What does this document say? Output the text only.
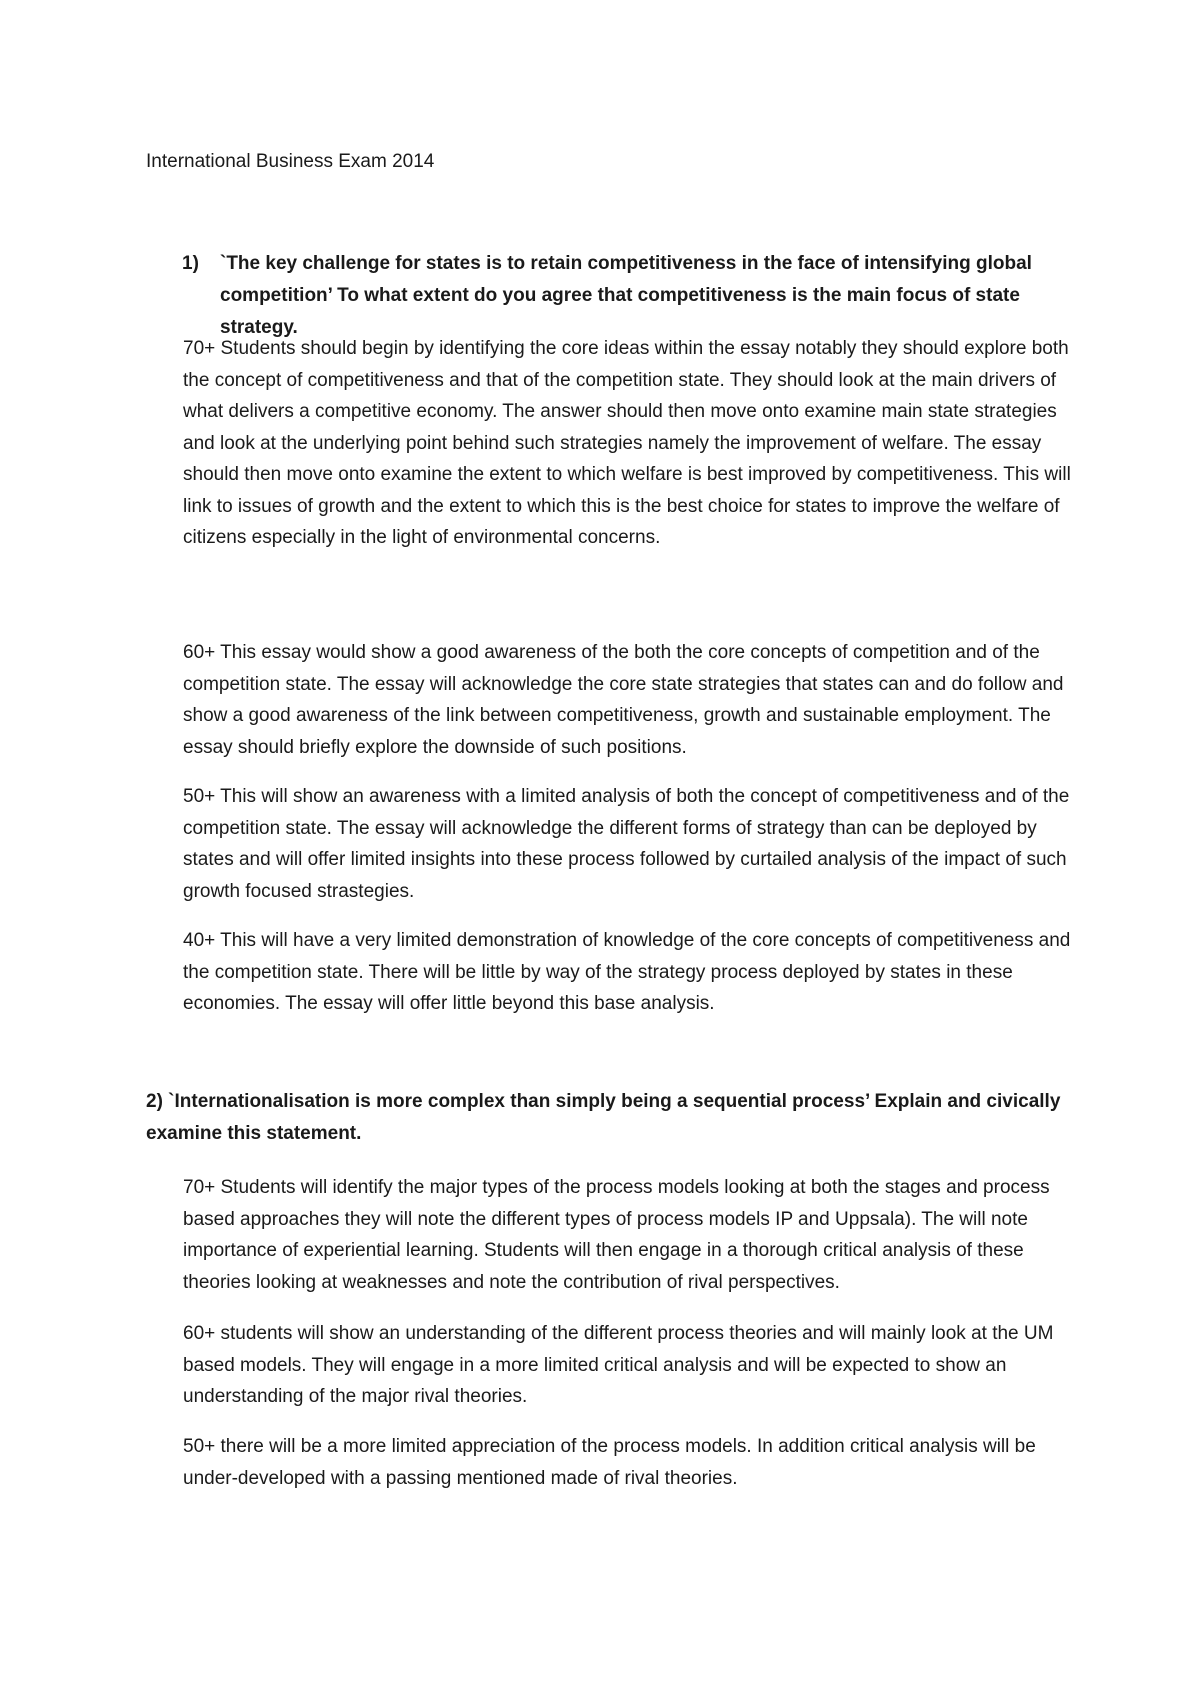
International Business Exam 2014
1) `The key challenge for states is to retain competitiveness in the face of intensifying global competition’ To what extent do you agree that competitiveness is the main focus of state strategy.

70+ Students should begin by identifying the core ideas within the essay notably they should explore both the concept of competitiveness and that of the competition state. They should look at the main drivers of what delivers a competitive economy. The answer should then move onto examine main state strategies and look at the underlying point behind such strategies namely the improvement of welfare. The essay should then move onto examine the extent to which welfare is best improved by competitiveness. This will link to issues of growth and the extent to which this is the best choice for states to improve the welfare of citizens especially in the light of environmental concerns.

60+ This essay would show a good awareness of the both the core concepts of competition and of the competition state. The essay will acknowledge the core state strategies that states can and do follow and show a good awareness of the link between competitiveness, growth and sustainable employment. The essay should briefly explore the downside of such positions.

50+ This will show an awareness with a limited analysis of both the concept of competitiveness and of the competition state. The essay will acknowledge the different forms of strategy than can be deployed by states and will offer limited insights into these process followed by curtailed analysis of the impact of such growth focused strastegies.

40+ This will have a very limited demonstration of knowledge of the core concepts of competitiveness and the competition state. There will be little by way of the strategy process deployed by states in these economies. The essay will offer little beyond this base analysis.

2) `Internationalisation is more complex than simply being a sequential process’ Explain and civically examine this statement.

70+ Students will identify the major types of the process models looking at both the stages and process based approaches they will note the different types of process models IP and Uppsala). The will note importance of experiential learning. Students will then engage in a thorough critical analysis of these theories looking at weaknesses and note the contribution of rival perspectives.

60+ students will show an understanding of the different process theories and will mainly look at the UM based models. They will engage in a more limited critical analysis and will be expected to show an understanding of the major rival theories.

50+ there will be a more limited appreciation of the process models. In addition critical analysis will be under-developed with a passing mentioned made of rival theories.
